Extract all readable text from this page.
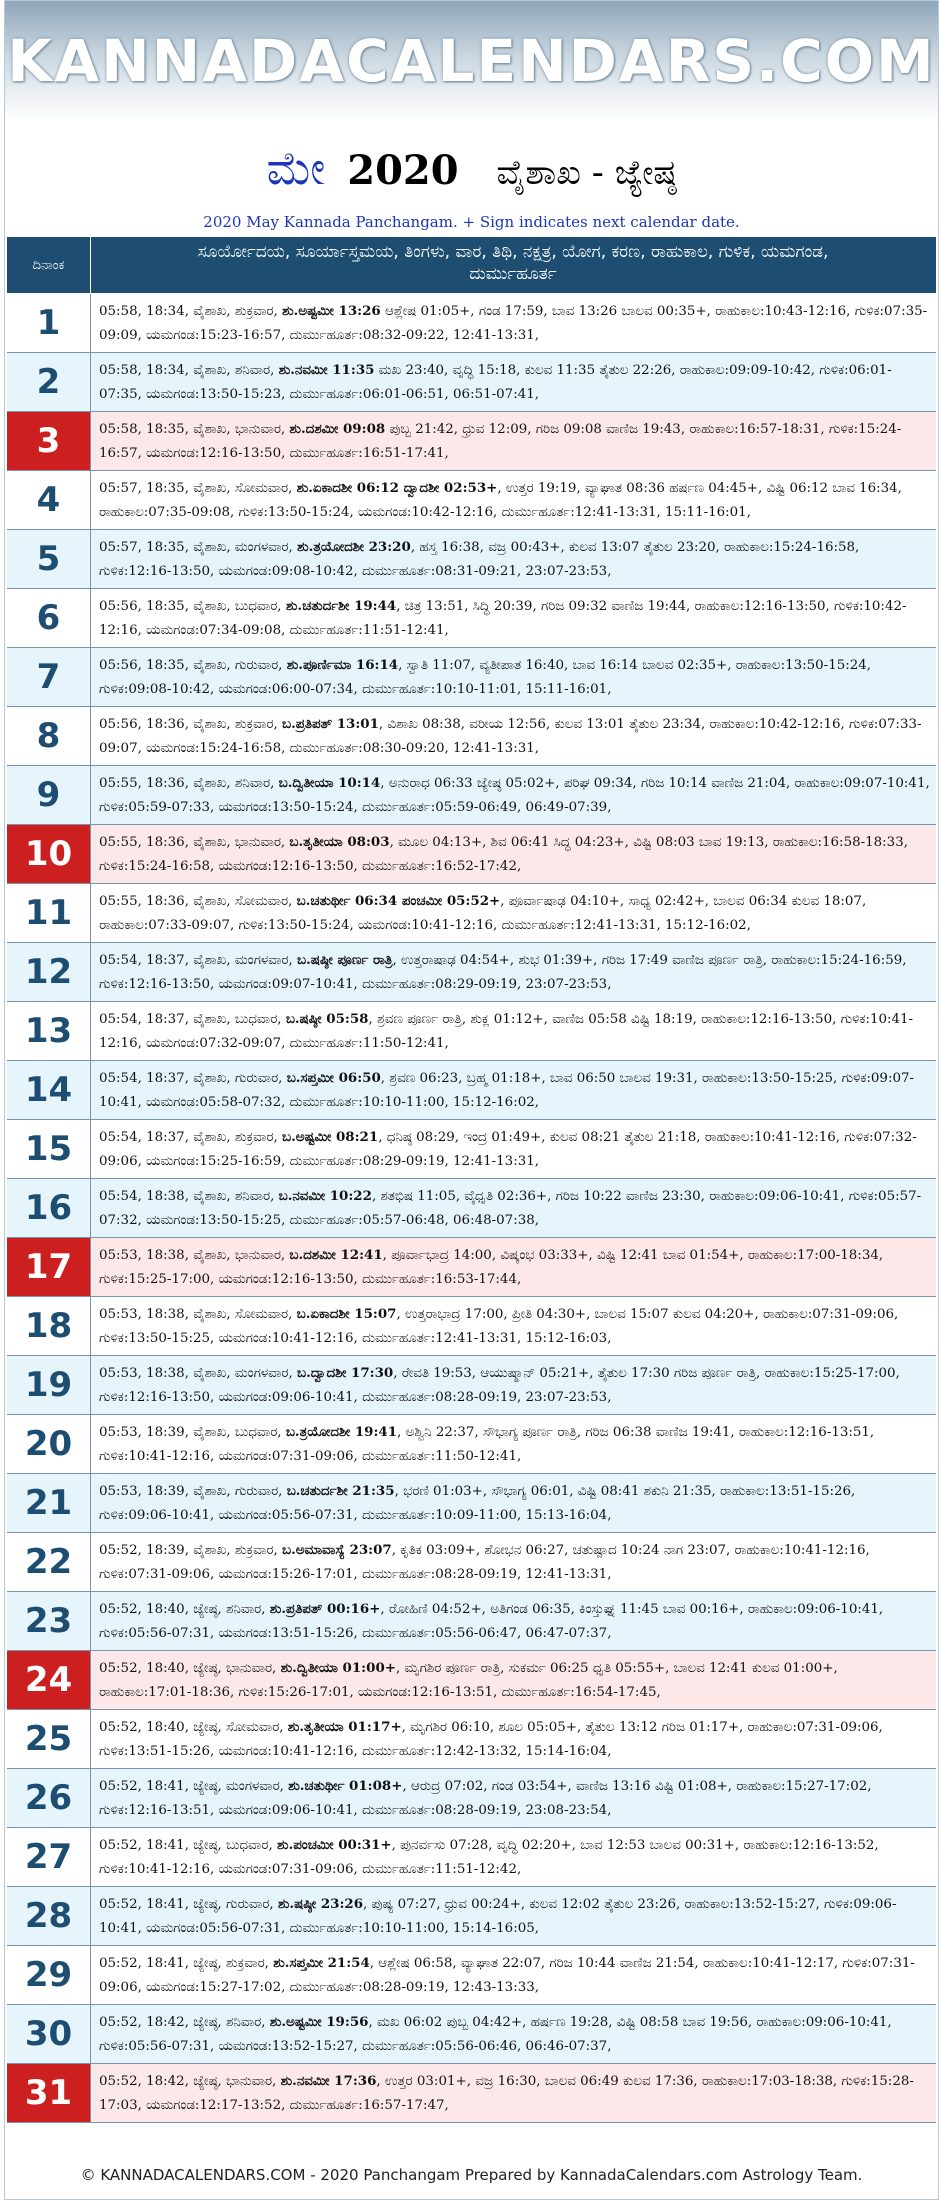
KANNADACALENDARS.COM
ಮೇ 2020 ವೈಶಾಖ - ಜ್ಯೇಷ್ಠ
2020 May Kannada Panchangam. + Sign indicates next calendar date.
ದಿನಾಂಕ
ಸೂರ್ಯೋದಯ, ಸೂರ್ಯಾಸ್ತಮಯ, ತಿಂಗಳು, ವಾರ, ತಿಥಿ, ನಕ್ಷತ್ರ, ಯೋಗ, ಕರಣ, ರಾಹುಕಾಲ, ಗುಳಿಕ, ಯಮಗಂಡ,
ದುರ್ಮುಹೂರ್ತ
1	05:58, 18:34, ವೈಶಾಖ, ಶುಕ್ರವಾರ, ಶು.ಅಷ್ಟಮೀ 13:26 ಆಶ್ಲೇಷ 01:05+, ಗಂಡ 17:59, ಬಾವ 13:26 ಬಾಲವ 00:35+, ರಾಹುಕಾಲ:10:43-12:16, ಗುಳಿಕ:07:35-09:09, ಯಮಗಂಡ:15:23-16:57, ದುರ್ಮುಹೂರ್ತ:08:32-09:22, 12:41-13:31,
2	05:58, 18:34, ವೈಶಾಖ, ಶನಿವಾರ, ಶು.ನವಮೀ 11:35 ಮಖ 23:40, ವೃದ್ಧಿ 15:18, ಕುಲವ 11:35 ತೈತುಲ 22:26, ರಾಹುಕಾಲ:09:09-10:42, ಗುಳಿಕ:06:01-07:35, ಯಮಗಂಡ:13:50-15:23, ದುರ್ಮುಹೂರ್ತ:06:01-06:51, 06:51-07:41,
3	05:58, 18:35, ವೈಶಾಖ, ಭಾನುವಾರ, ಶು.ದಶಮೀ 09:08 ಪುಬ್ಬ 21:42, ಧ್ರುವ 12:09, ಗರಿಜ 09:08 ವಾಣಿಜ 19:43, ರಾಹುಕಾಲ:16:57-18:31, ಗುಳಿಕ:15:24-16:57, ಯಮಗಂಡ:12:16-13:50, ದುರ್ಮುಹೂರ್ತ:16:51-17:41,
4	05:57, 18:35, ವೈಶಾಖ, ಸೋಮವಾರ, ಶು.ಏಕಾದಶೀ 06:12 ದ್ವಾದಶೀ 02:53+, ಉತ್ತರ 19:19, ವ್ಯಾಘಾತ 08:36 ಹರ್ಷಣ 04:45+, ವಿಷ್ಟಿ 06:12 ಬಾವ 16:34, ರಾಹುಕಾಲ:07:35-09:08, ಗುಳಿಕ:13:50-15:24, ಯಮಗಂಡ:10:42-12:16, ದುರ್ಮುಹೂರ್ತ:12:41-13:31, 15:11-16:01,
5	05:57, 18:35, ವೈಶಾಖ, ಮಂಗಳವಾರ, ಶು.ತ್ರಯೋದಶೀ 23:20, ಹಸ್ತ 16:38, ವಜ್ರ 00:43+, ಕುಲವ 13:07 ತೈತುಲ 23:20, ರಾಹುಕಾಲ:15:24-16:58, ಗುಳಿಕ:12:16-13:50, ಯಮಗಂಡ:09:08-10:42, ದುರ್ಮುಹೂರ್ತ:08:31-09:21, 23:07-23:53,
6	05:56, 18:35, ವೈಶಾಖ, ಬುಧವಾರ, ಶು.ಚತುರ್ದಶೀ 19:44, ಚಿತ್ರ 13:51, ಸಿದ್ಧಿ 20:39, ಗರಿಜ 09:32 ವಾಣಿಜ 19:44, ರಾಹುಕಾಲ:12:16-13:50, ಗುಳಿಕ:10:42-12:16, ಯಮಗಂಡ:07:34-09:08, ದುರ್ಮುಹೂರ್ತ:11:51-12:41,
7	05:56, 18:35, ವೈಶಾಖ, ಗುರುವಾರ, ಶು.ಪೂರ್ಣಿಮಾ 16:14, ಸ್ವಾತಿ 11:07, ವ್ಯತೀಪಾತ 16:40, ಬಾವ 16:14 ಬಾಲವ 02:35+, ರಾಹುಕಾಲ:13:50-15:24, ಗುಳಿಕ:09:08-10:42, ಯಮಗಂಡ:06:00-07:34, ದುರ್ಮುಹೂರ್ತ:10:10-11:01, 15:11-16:01,
8	05:56, 18:36, ವೈಶಾಖ, ಶುಕ್ರವಾರ, ಬ.ಪ್ರತಿಪತ್ 13:01, ವಿಶಾಖ 08:38, ವರೀಯ 12:56, ಕುಲವ 13:01 ತೈತುಲ 23:34, ರಾಹುಕಾಲ:10:42-12:16, ಗುಳಿಕ:07:33-09:07, ಯಮಗಂಡ:15:24-16:58, ದುರ್ಮುಹೂರ್ತ:08:30-09:20, 12:41-13:31,
9	05:55, 18:36, ವೈಶಾಖ, ಶನಿವಾರ, ಬ.ದ್ವಿತೀಯಾ 10:14, ಅನುರಾಧ 06:33 ಜ್ಯೇಷ್ಠ 05:02+, ಪರಿಘ 09:34, ಗರಿಜ 10:14 ವಾಣಿಜ 21:04, ರಾಹುಕಾಲ:09:07-10:41, ಗುಳಿಕ:05:59-07:33, ಯಮಗಂಡ:13:50-15:24, ದುರ್ಮುಹೂರ್ತ:05:59-06:49, 06:49-07:39,
10	05:55, 18:36, ವೈಶಾಖ, ಭಾನುವಾರ, ಬ.ತೃತೀಯಾ 08:03, ಮೂಲ 04:13+, ಶಿವ 06:41 ಸಿದ್ಧ 04:23+, ವಿಷ್ಟಿ 08:03 ಬಾವ 19:13, ರಾಹುಕಾಲ:16:58-18:33, ಗುಳಿಕ:15:24-16:58, ಯಮಗಂಡ:12:16-13:50, ದುರ್ಮುಹೂರ್ತ:16:52-17:42,
11	05:55, 18:36, ವೈಶಾಖ, ಸೋಮವಾರ, ಬ.ಚತುರ್ಥೀ 06:34 ಪಂಚಮೀ 05:52+, ಪೂರ್ವಾಷಾಢ 04:10+, ಸಾಧ್ಯ 02:42+, ಬಾಲವ 06:34 ಕುಲವ 18:07, ರಾಹುಕಾಲ:07:33-09:07, ಗುಳಿಕ:13:50-15:24, ಯಮಗಂಡ:10:41-12:16, ದುರ್ಮುಹೂರ್ತ:12:41-13:31, 15:12-16:02,
12	05:54, 18:37, ವೈಶಾಖ, ಮಂಗಳವಾರ, ಬ.ಷಷ್ಠೀ ಪೂರ್ಣ ರಾತ್ರಿ, ಉತ್ತರಾಷಾಢ 04:54+, ಶುಭ 01:39+, ಗರಿಜ 17:49 ವಾಣಿಜ ಪೂರ್ಣ ರಾತ್ರಿ, ರಾಹುಕಾಲ:15:24-16:59, ಗುಳಿಕ:12:16-13:50, ಯಮಗಂಡ:09:07-10:41, ದುರ್ಮುಹೂರ್ತ:08:29-09:19, 23:07-23:53,
13	05:54, 18:37, ವೈಶಾಖ, ಬುಧವಾರ, ಬ.ಷಷ್ಠೀ 05:58, ಶ್ರವಣ ಪೂರ್ಣ ರಾತ್ರಿ, ಶುಕ್ಲ 01:12+, ವಾಣಿಜ 05:58 ವಿಷ್ಟಿ 18:19, ರಾಹುಕಾಲ:12:16-13:50, ಗುಳಿಕ:10:41-12:16, ಯಮಗಂಡ:07:32-09:07, ದುರ್ಮುಹೂರ್ತ:11:50-12:41,
14	05:54, 18:37, ವೈಶಾಖ, ಗುರುವಾರ, ಬ.ಸಪ್ತಮೀ 06:50, ಶ್ರವಣ 06:23, ಬ್ರಹ್ಮ 01:18+, ಬಾವ 06:50 ಬಾಲವ 19:31, ರಾಹುಕಾಲ:13:50-15:25, ಗುಳಿಕ:09:07-10:41, ಯಮಗಂಡ:05:58-07:32, ದುರ್ಮುಹೂರ್ತ:10:10-11:00, 15:12-16:02,
15	05:54, 18:37, ವೈಶಾಖ, ಶುಕ್ರವಾರ, ಬ.ಅಷ್ಟಮೀ 08:21, ಧನಿಷ್ಠ 08:29, ಇಂದ್ರ 01:49+, ಕುಲವ 08:21 ತೈತುಲ 21:18, ರಾಹುಕಾಲ:10:41-12:16, ಗುಳಿಕ:07:32-09:06, ಯಮಗಂಡ:15:25-16:59, ದುರ್ಮುಹೂರ್ತ:08:29-09:19, 12:41-13:31,
16	05:54, 18:38, ವೈಶಾಖ, ಶನಿವಾರ, ಬ.ನವಮೀ 10:22, ಶತಭಿಷ 11:05, ವೈಧೃತಿ 02:36+, ಗರಿಜ 10:22 ವಾಣಿಜ 23:30, ರಾಹುಕಾಲ:09:06-10:41, ಗುಳಿಕ:05:57-07:32, ಯಮಗಂಡ:13:50-15:25, ದುರ್ಮುಹೂರ್ತ:05:57-06:48, 06:48-07:38,
17	05:53, 18:38, ವೈಶಾಖ, ಭಾನುವಾರ, ಬ.ದಶಮೀ 12:41, ಪೂರ್ವಾಭಾದ್ರ 14:00, ವಿಷ್ಕಂಭ 03:33+, ವಿಷ್ಟಿ 12:41 ಬಾವ 01:54+, ರಾಹುಕಾಲ:17:00-18:34, ಗುಳಿಕ:15:25-17:00, ಯಮಗಂಡ:12:16-13:50, ದುರ್ಮುಹೂರ್ತ:16:53-17:44,
18	05:53, 18:38, ವೈಶಾಖ, ಸೋಮವಾರ, ಬ.ಏಕಾದಶೀ 15:07, ಉತ್ತರಾಭಾದ್ರ 17:00, ಪ್ರೀತಿ 04:30+, ಬಾಲವ 15:07 ಕುಲವ 04:20+, ರಾಹುಕಾಲ:07:31-09:06, ಗುಳಿಕ:13:50-15:25, ಯಮಗಂಡ:10:41-12:16, ದುರ್ಮುಹೂರ್ತ:12:41-13:31, 15:12-16:03,
19	05:53, 18:38, ವೈಶಾಖ, ಮಂಗಳವಾರ, ಬ.ದ್ವಾದಶೀ 17:30, ರೇವತಿ 19:53, ಆಯುಷ್ಮಾನ್ 05:21+, ತೈತುಲ 17:30 ಗರಿಜ ಪೂರ್ಣ ರಾತ್ರಿ, ರಾಹುಕಾಲ:15:25-17:00, ಗುಳಿಕ:12:16-13:50, ಯಮಗಂಡ:09:06-10:41, ದುರ್ಮುಹೂರ್ತ:08:28-09:19, 23:07-23:53,
20	05:53, 18:39, ವೈಶಾಖ, ಬುಧವಾರ, ಬ.ತ್ರಯೋದಶೀ 19:41, ಅಶ್ವಿನಿ 22:37, ಸೌಭಾಗ್ಯ ಪೂರ್ಣ ರಾತ್ರಿ, ಗರಿಜ 06:38 ವಾಣಿಜ 19:41, ರಾಹುಕಾಲ:12:16-13:51, ಗುಳಿಕ:10:41-12:16, ಯಮಗಂಡ:07:31-09:06, ದುರ್ಮುಹೂರ್ತ:11:50-12:41,
21	05:53, 18:39, ವೈಶಾಖ, ಗುರುವಾರ, ಬ.ಚತುರ್ದಶೀ 21:35, ಭರಣಿ 01:03+, ಸೌಭಾಗ್ಯ 06:01, ವಿಷ್ಟಿ 08:41 ಶಕುನಿ 21:35, ರಾಹುಕಾಲ:13:51-15:26, ಗುಳಿಕ:09:06-10:41, ಯಮಗಂಡ:05:56-07:31, ದುರ್ಮುಹೂರ್ತ:10:09-11:00, 15:13-16:04,
22	05:52, 18:39, ವೈಶಾಖ, ಶುಕ್ರವಾರ, ಬ.ಅಮಾವಾಸ್ಯೆ 23:07, ಕೃತಿಕ 03:09+, ಶೋಭನ 06:27, ಚತುಷ್ಪಾದ 10:24 ನಾಗ 23:07, ರಾಹುಕಾಲ:10:41-12:16, ಗುಳಿಕ:07:31-09:06, ಯಮಗಂಡ:15:26-17:01, ದುರ್ಮುಹೂರ್ತ:08:28-09:19, 12:41-13:31,
23	05:52, 18:40, ಜ್ಯೇಷ್ಠ, ಶನಿವಾರ, ಶು.ಪ್ರತಿಪತ್ 00:16+, ರೋಹಿಣಿ 04:52+, ಅತಿಗಂಡ 06:35, ಕಿಂಸ್ತುಘ್ನ 11:45 ಬಾವ 00:16+, ರಾಹುಕಾಲ:09:06-10:41, ಗುಳಿಕ:05:56-07:31, ಯಮಗಂಡ:13:51-15:26, ದುರ್ಮುಹೂರ್ತ:05:56-06:47, 06:47-07:37,
24	05:52, 18:40, ಜ್ಯೇಷ್ಠ, ಭಾನುವಾರ, ಶು.ದ್ವಿತೀಯಾ 01:00+, ಮೃಗಶಿರ ಪೂರ್ಣ ರಾತ್ರಿ, ಸುಕರ್ಮ 06:25 ಧೃತಿ 05:55+, ಬಾಲವ 12:41 ಕುಲವ 01:00+, ರಾಹುಕಾಲ:17:01-18:36, ಗುಳಿಕ:15:26-17:01, ಯಮಗಂಡ:12:16-13:51, ದುರ್ಮುಹೂರ್ತ:16:54-17:45,
25	05:52, 18:40, ಜ್ಯೇಷ್ಠ, ಸೋಮವಾರ, ಶು.ತೃತೀಯಾ 01:17+, ಮೃಗಶಿರ 06:10, ಶೂಲ 05:05+, ತೈತುಲ 13:12 ಗರಿಜ 01:17+, ರಾಹುಕಾಲ:07:31-09:06, ಗುಳಿಕ:13:51-15:26, ಯಮಗಂಡ:10:41-12:16, ದುರ್ಮುಹೂರ್ತ:12:42-13:32, 15:14-16:04,
26	05:52, 18:41, ಜ್ಯೇಷ್ಠ, ಮಂಗಳವಾರ, ಶು.ಚತುರ್ಥೀ 01:08+, ಆರುದ್ರ 07:02, ಗಂಡ 03:54+, ವಾಣಿಜ 13:16 ವಿಷ್ಟಿ 01:08+, ರಾಹುಕಾಲ:15:27-17:02, ಗುಳಿಕ:12:16-13:51, ಯಮಗಂಡ:09:06-10:41, ದುರ್ಮುಹೂರ್ತ:08:28-09:19, 23:08-23:54,
27	05:52, 18:41, ಜ್ಯೇಷ್ಠ, ಬುಧವಾರ, ಶು.ಪಂಚಮೀ 00:31+, ಪುನರ್ವಸು 07:28, ವೃದ್ಧಿ 02:20+, ಬಾವ 12:53 ಬಾಲವ 00:31+, ರಾಹುಕಾಲ:12:16-13:52, ಗುಳಿಕ:10:41-12:16, ಯಮಗಂಡ:07:31-09:06, ದುರ್ಮುಹೂರ್ತ:11:51-12:42,
28	05:52, 18:41, ಜ್ಯೇಷ್ಠ, ಗುರುವಾರ, ಶು.ಷಷ್ಠೀ 23:26, ಪುಷ್ಯ 07:27, ಧ್ರುವ 00:24+, ಕುಲವ 12:02 ತೈತುಲ 23:26, ರಾಹುಕಾಲ:13:52-15:27, ಗುಳಿಕ:09:06-10:41, ಯಮಗಂಡ:05:56-07:31, ದುರ್ಮುಹೂರ್ತ:10:10-11:00, 15:14-16:05,
29	05:52, 18:41, ಜ್ಯೇಷ್ಠ, ಶುಕ್ರವಾರ, ಶು.ಸಪ್ತಮೀ 21:54, ಆಶ್ಲೇಷ 06:58, ವ್ಯಾಘಾತ 22:07, ಗರಿಜ 10:44 ವಾಣಿಜ 21:54, ರಾಹುಕಾಲ:10:41-12:17, ಗುಳಿಕ:07:31-09:06, ಯಮಗಂಡ:15:27-17:02, ದುರ್ಮುಹೂರ್ತ:08:28-09:19, 12:43-13:33,
30	05:52, 18:42, ಜ್ಯೇಷ್ಠ, ಶನಿವಾರ, ಶು.ಅಷ್ಟಮೀ 19:56, ಮಖ 06:02 ಪುಬ್ಬ 04:42+, ಹರ್ಷಣ 19:28, ವಿಷ್ಟಿ 08:58 ಬಾವ 19:56, ರಾಹುಕಾಲ:09:06-10:41, ಗುಳಿಕ:05:56-07:31, ಯಮಗಂಡ:13:52-15:27, ದುರ್ಮುಹೂರ್ತ:05:56-06:46, 06:46-07:37,
31	05:52, 18:42, ಜ್ಯೇಷ್ಠ, ಭಾನುವಾರ, ಶು.ನವಮೀ 17:36, ಉತ್ತರ 03:01+, ವಜ್ರ 16:30, ಬಾಲವ 06:49 ಕುಲವ 17:36, ರಾಹುಕಾಲ:17:03-18:38, ಗುಳಿಕ:15:28-17:03, ಯಮಗಂಡ:12:17-13:52, ದುರ್ಮುಹೂರ್ತ:16:57-17:47,
© KANNADACALENDARS.COM - 2020 Panchangam Prepared by KannadaCalendars.com Astrology Team.
